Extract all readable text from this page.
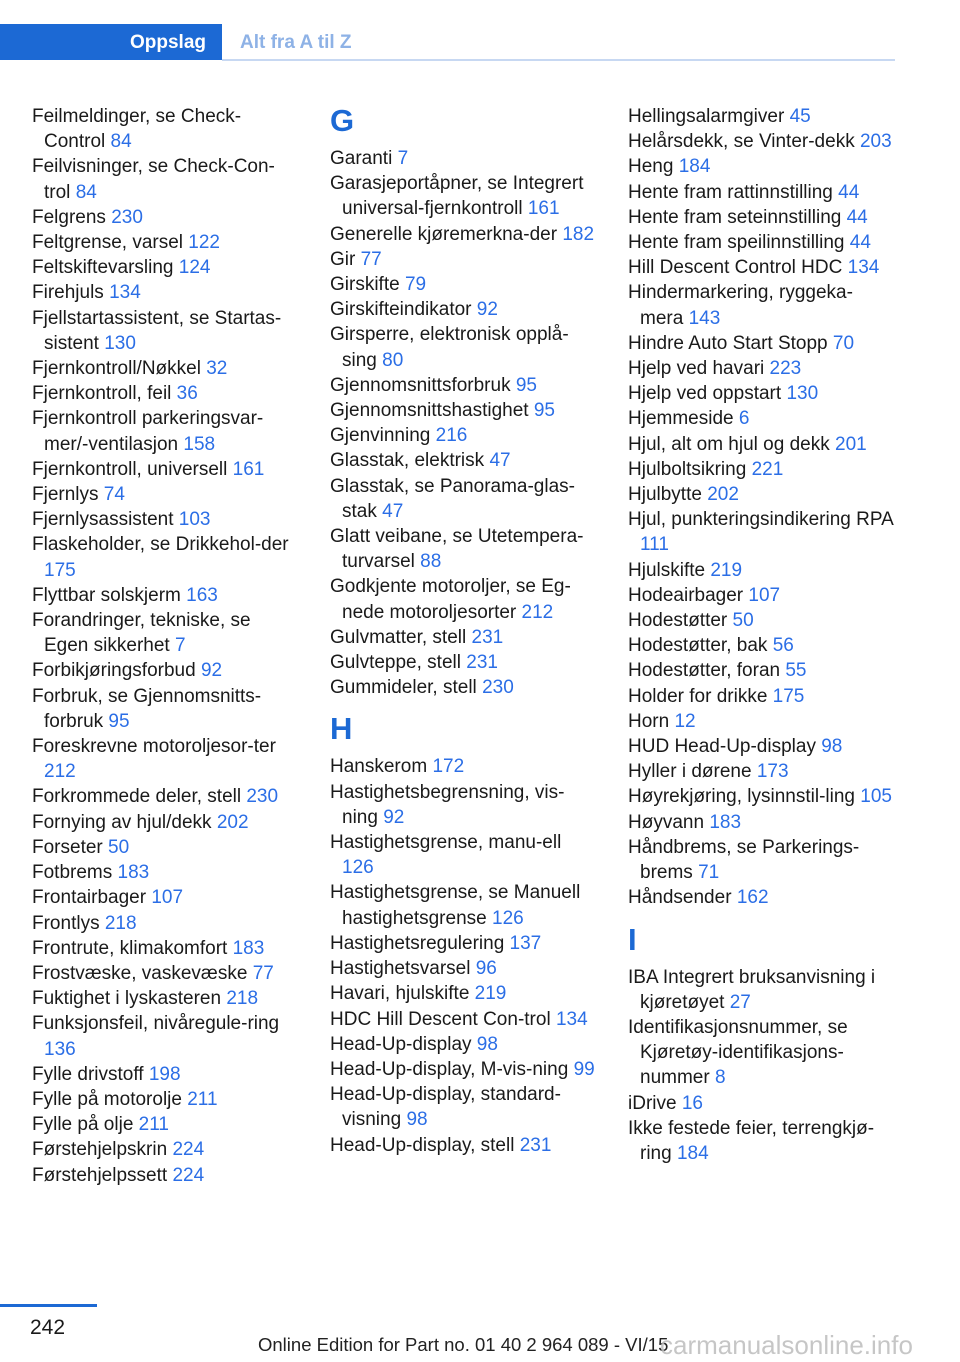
Oppslag	Alt fra A til Z
Feilmeldinger, se Check-Control 84
Feilvisninger, se Check-Con-trol 84
Felgrens 230
Feltgrense, varsel 122
Feltskiftevarsling 124
Firehjuls 134
Fjellstartassistent, se Startas-sistent 130
Fjernkontroll/Nøkkel 32
Fjernkontroll, feil 36
Fjernkontroll parkeringsvar-mer/-ventilasjon 158
Fjernkontroll, universell 161
Fjernlys 74
Fjernlysassistent 103
Flaskeholder, se Drikkehol-der 175
Flyttbar solskjerm 163
Forandringer, tekniske, se Egen sikkerhet 7
Forbikjøringsforbud 92
Forbruk, se Gjennomsnitts-forbruk 95
Foreskrevne motoroljesor-ter 212
Forkrommede deler, stell 230
Fornying av hjul/dekk 202
Forseter 50
Fotbrems 183
Frontairbager 107
Frontlys 218
Frontrute, klimakomfort 183
Frostvæske, vaskevæske 77
Fuktighet i lyskasteren 218
Funksjonsfeil, nivåregule-ring 136
Fylle drivstoff 198
Fylle på motorolje 211
Fylle på olje 211
Førstehjelpskrin 224
Førstehjelpssett 224
G
Garanti 7
Garasjeportåpner, se Integrert universal-fjernkontroll 161
Generelle kjøremerkna-der 182
Gir 77
Girskifte 79
Girskifteindikator 92
Girsperre, elektronisk opplå-sing 80
Gjennomsnittsforbruk 95
Gjennomsnittshastighet 95
Gjenvinning 216
Glasstak, elektrisk 47
Glasstak, se Panorama-glas-stak 47
Glatt veibane, se Utetempera-turvarsel 88
Godkjente motoroljer, se Eg-nede motoroljesorter 212
Gulvmatter, stell 231
Gulvteppe, stell 231
Gummideler, stell 230
H
Hanskerom 172
Hastighetsbegrensning, vis-ning 92
Hastighetsgrense, manu-ell 126
Hastighetsgrense, se Manuell hastighetsgrense 126
Hastighetsregulering 137
Hastighetsvarsel 96
Havari, hjulskifte 219
HDC Hill Descent Con-trol 134
Head-Up-display 98
Head-Up-display, M-vis-ning 99
Head-Up-display, standard-visning 98
Head-Up-display, stell 231
Hellingsalarmgiver 45
Helårsdekk, se Vinter-dekk 203
Heng 184
Hente fram rattinnstilling 44
Hente fram seteinnstilling 44
Hente fram speilinnstilling 44
Hill Descent Control HDC 134
Hindermarkering, ryggeka-mera 143
Hindre Auto Start Stopp 70
Hjelp ved havari 223
Hjelp ved oppstart 130
Hjemmeside 6
Hjul, alt om hjul og dekk 201
Hjulboltsikring 221
Hjulbytte 202
Hjul, punkteringsindikering RPA 111
Hjulskifte 219
Hodeairbager 107
Hodestøtter 50
Hodestøtter, bak 56
Hodestøtter, foran 55
Holder for drikke 175
Horn 12
HUD Head-Up-display 98
Hyller i dørene 173
Høyrekjøring, lysinnstil-ling 105
Høyvann 183
Håndbrems, se Parkerings-brems 71
Håndsender 162
I
IBA Integrert bruksanvisning i kjøretøyet 27
Identifikasjonsnummer, se Kjøretøy-identifikasjons-nummer 8
iDrive 16
Ikke festede feier, terrengkjø-ring 184
242
Online Edition for Part no. 01 40 2 964 089 - VI/15
carmanualsonline.info
